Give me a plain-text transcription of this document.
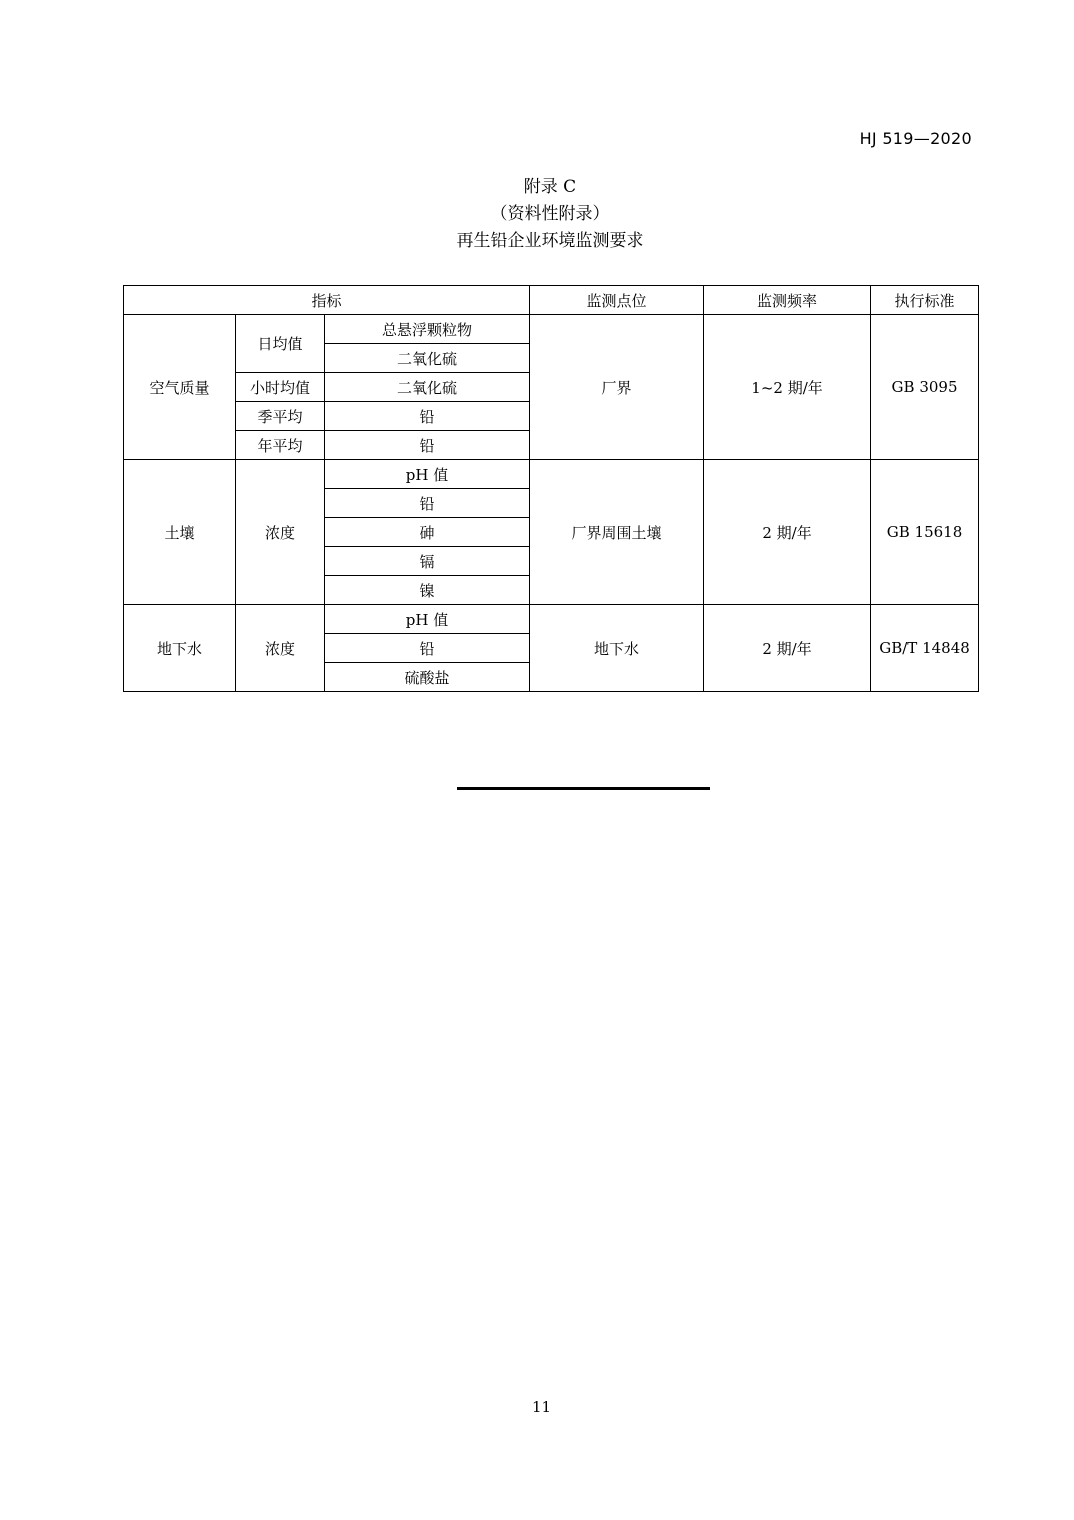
HJ 519—2020
附录 C
（资料性附录）
再生铅企业环境监测要求
指标			监测点位	监测频率	执行标准
空气质量	日均值	总悬浮颗粒物	厂界	1~2 期/年	GB 3095
		二氧化硫			
	小时均值	二氧化硫			
	季平均	铅			
	年平均	铅			
土壤	浓度	pH 值	厂界周围土壤	2 期/年	GB 15618
		铅			
		砷			
		镉			
		镍			
地下水	浓度	pH 值	地下水	2 期/年	GB/T 14848
		铅			
		硫酸盐			
11
